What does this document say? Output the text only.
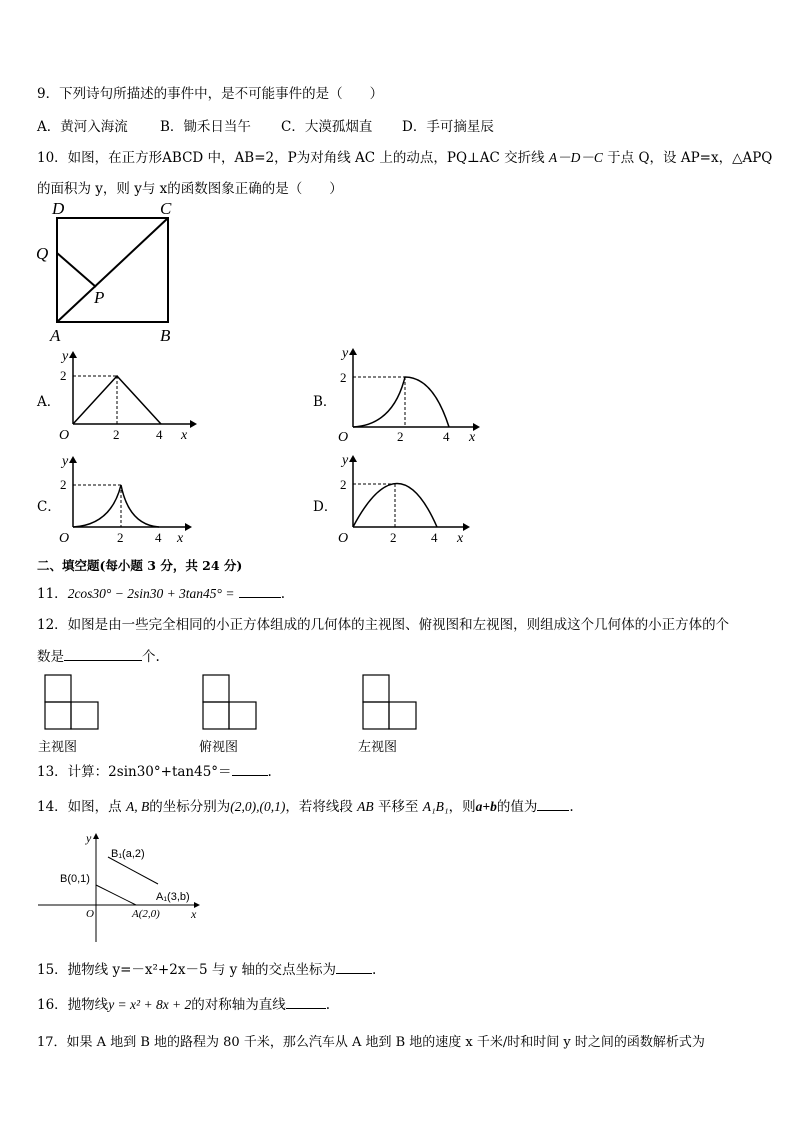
9．下列诗句所描述的事件中，是不可能事件的是（　　）
A．黄河入海流 B．锄禾日当午 C．大漠孤烟直 D．手可摘星辰
10．如图，在正方形ABCD 中，AB=2，P为对角线 AC 上的动点，PQ⊥AC 交折线 A－D－C 于点 Q，设 AP=x，△APQ
的面积为 y，则 y与 x的函数图象正确的是（　　）
D	C
Q
P
A	B
A．	B．
C．	D．
y
2
O	2	4 x
y
2
O	2	4 x
y
2
O	2 4 x
y
2
O	2	4 x
二、填空题(每小题 3 分，共 24 分)
11．2cos30° − 2sin30 + 3tan45° =	.
12．如图是由一些完全相同的小正方体组成的几何体的主视图、俯视图和左视图，则组成这个几何体的小正方体的个
数是	个.
主视图	俯视图	左视图
13．计算：2sin30°+tan45°＝	.
14．如图，点 A, B的坐标分别为(2,0),(0,1)，若将线段 AB 平移至 A₁B₁，则a+b的值为 .
y
x
O
B₁(a,2)
B(0,1)
A₁(3,b)
A(2,0)
15．抛物线 y=－x²+2x－5 与 y 轴的交点坐标为	.
16．抛物线y = x² + 8x + 2的对称轴为直线	.
17．如果 A 地到 B 地的路程为 80 千米，那么汽车从 A 地到 B 地的速度 x 千米/时和时间 y 时之间的函数解析式为
